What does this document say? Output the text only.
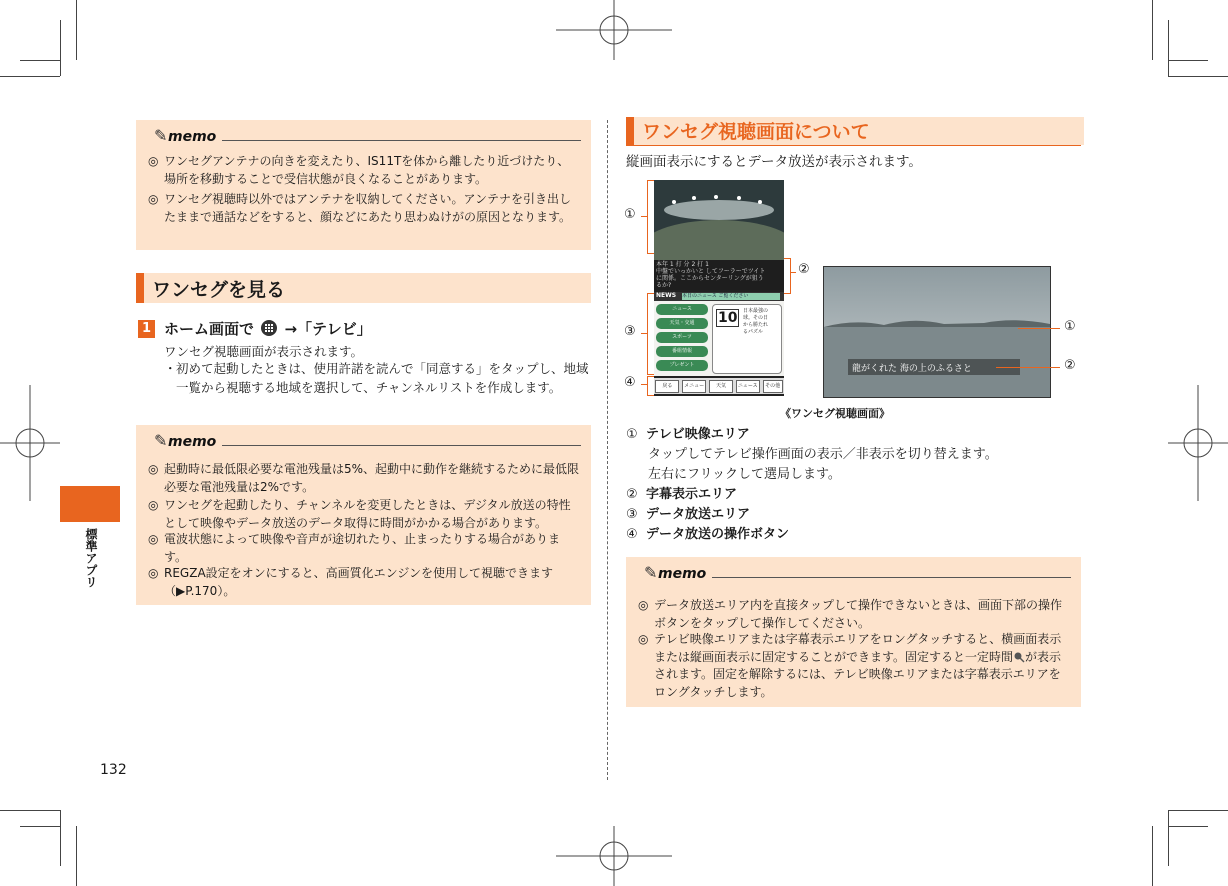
標準アプリ
132
✎ memo
◎ ワンセグアンテナの向きを変えたり、IS11Tを体から離したり近づけたり、場所を移動することで受信状態が良くなることがあります。
◎ ワンセグ視聴時以外ではアンテナを収納してください。アンテナを引き出したままで通話などをすると、顔などにあたり思わぬけがの原因となります。
ワンセグを見る
1 ホーム画面で →「テレビ」
ワンセグ視聴画面が表示されます。
・ 初めて起動したときは、使用許諾を読んで「同意する」をタップし、地域一覧から視聴する地域を選択して、チャンネルリストを作成します。
✎ memo
◎ 起動時に最低限必要な電池残量は5%、起動中に動作を継続するために最低限必要な電池残量は2%です。
◎ ワンセグを起動したり、チャンネルを変更したときは、デジタル放送の特性として映像やデータ放送のデータ取得に時間がかかる場合があります。
◎ 電波状態によって映像や音声が途切れたり、止まったりする場合があります。
◎ REGZA設定をオンにすると、高画質化エンジンを使用して視聴できます（▶P.170）。
ワンセグ視聴画面について
縦画面表示にするとデータ放送が表示されます。
本年 1 打 分 2 打 1
中盤でいっかいと してフーラーでツイト
に関係。ここからセンターリングが狙う
るか?
NEWS 本日のニュース ご覧ください
ニュース
天気・交通
スポーツ
番組情報
プレゼント
10	日本最強の
球。その日
から勝たれ
るパズル
戻る	メニュー	天気	ニュース	その他
①
②
③
④
龍がくれた 海の上のふるさと
①
②
《ワンセグ視聴画面》
① テレビ映像エリア
タップしてテレビ操作画面の表示／非表示を切り替えます。
左右にフリックして選局します。
② 字幕表示エリア
③ データ放送エリア
④ データ放送の操作ボタン
✎ memo
◎ データ放送エリア内を直接タップして操作できないときは、画面下部の操作ボタンをタップして操作してください。
◎ テレビ映像エリアまたは字幕表示エリアをロングタッチすると、横画面表示または縦画面表示に固定することができます。固定すると一定時間 が表示されます。固定を解除するには、テレビ映像エリアまたは字幕表示エリアをロングタッチします。
